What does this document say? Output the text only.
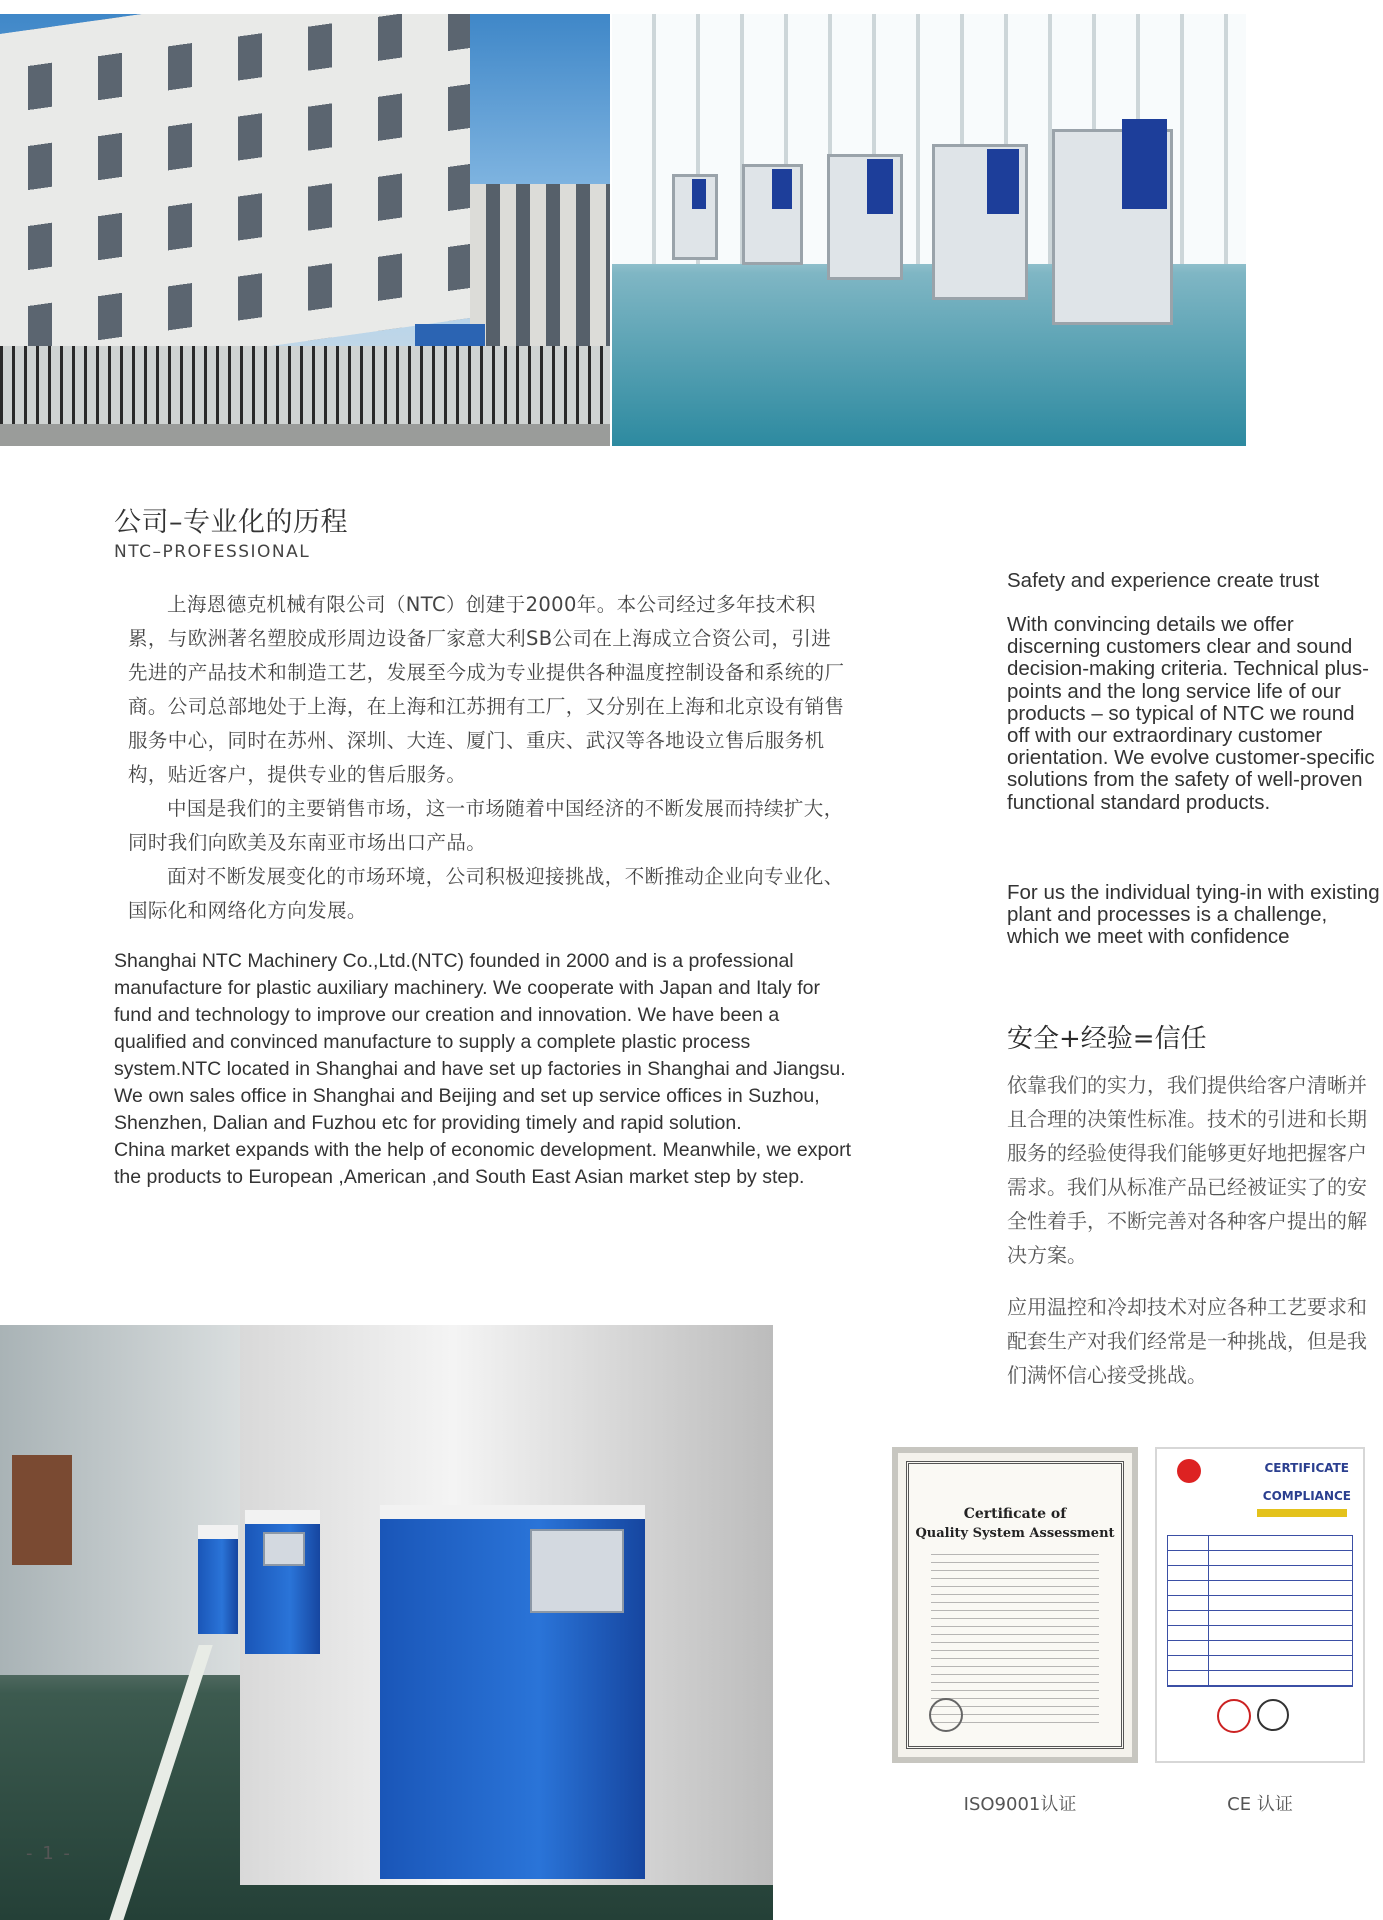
公司–专业化的历程
NTC–PROFESSIONAL

上海恩德克机械有限公司（NTC）创建于2000年。本公司经过多年技术积累，与欧洲著名塑胶成形周边设备厂家意大利SB公司在上海成立合资公司，引进先进的产品技术和制造工艺，发展至今成为专业提供各种温度控制设备和系统的厂商。公司总部地处于上海，在上海和江苏拥有工厂，又分别在上海和北京设有销售服务中心，同时在苏州、深圳、大连、厦门、重庆、武汉等各地设立售后服务机构，贴近客户，提供专业的售后服务。

中国是我们的主要销售市场，这一市场随着中国经济的不断发展而持续扩大，同时我们向欧美及东南亚市场出口产品。

面对不断发展变化的市场环境，公司积极迎接挑战，不断推动企业向专业化、国际化和网络化方向发展。

Shanghai NTC Machinery Co.,Ltd.(NTC) founded in 2000 and is a professional manufacture for plastic auxiliary machinery. We cooperate with Japan and Italy for fund and technology to improve our creation and innovation. We have been a qualified and convinced manufacture to supply a complete plastic process system.NTC located in Shanghai and have set up factories in Shanghai and Jiangsu. We own sales office in Shanghai and Beijing and set up service offices in Suzhou, Shenzhen, Dalian and Fuzhou etc for providing timely and rapid solution.
China market expands with the help of economic development. Meanwhile, we export the products to European ,American ,and South East Asian market step by step.

Safety and experience create trust

With convincing details we offer discerning customers clear and sound decision-making criteria. Technical plus-points and the long service life of our products – so typical of NTC we round off with our extraordinary customer orientation. We evolve customer-specific solutions from the safety of well-proven functional standard products.

For us the individual tying-in with existing plant and processes is a challenge, which we meet with confidence

安全+经验=信任

依靠我们的实力，我们提供给客户清晰并且合理的决策性标准。技术的引进和长期服务的经验使得我们能够更好地把握客户需求。我们从标准产品已经被证实了的安全性着手，不断完善对各种客户提出的解决方案。

应用温控和冷却技术对应各种工艺要求和配套生产对我们经常是一种挑战，但是我们满怀信心接受挑战。

Certificate of
Quality System Assessment
CERTIFICATE
COMPLIANCE
ISO9001认证	CE 认证
- 1 -
